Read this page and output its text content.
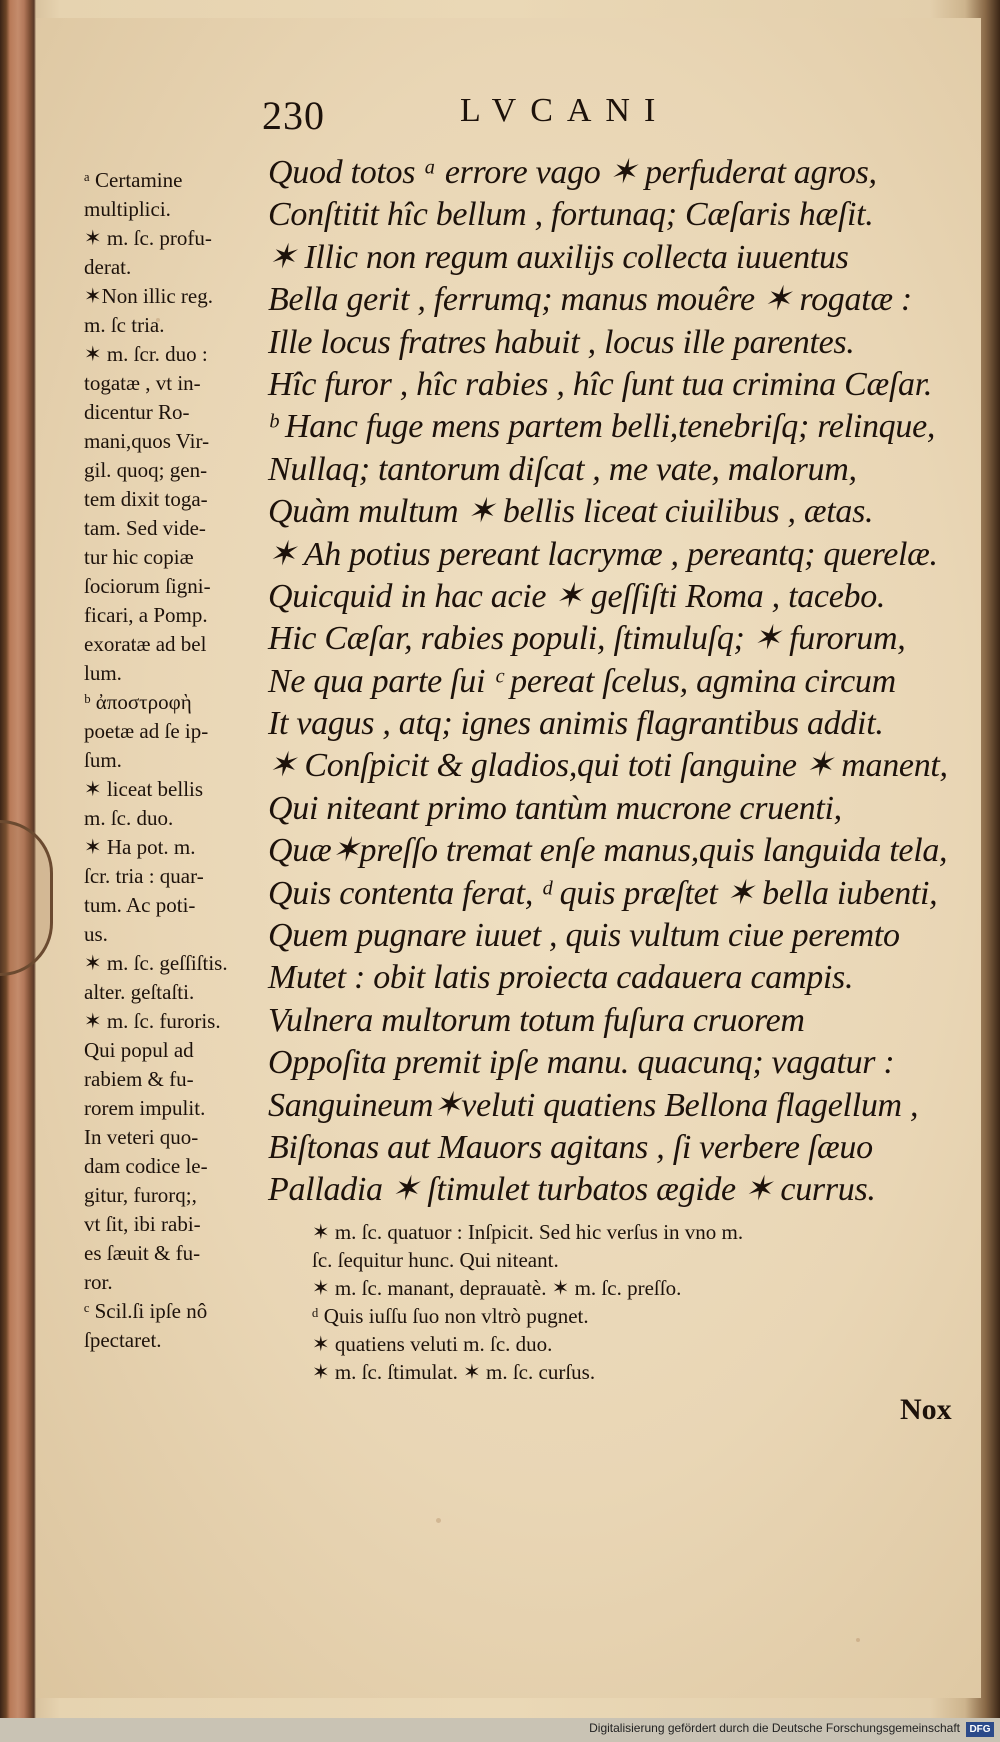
230	LVCANI
ᵃ Certamine
multiplici.
✶ m. ſc. profu-
derat.
✶Non illic reg.
m. ſc tria.
✶ m. ſcr. duo :
togatæ , vt in-
dicentur Ro-
mani,quos Vir-
gil. quoq; gen-
tem dixit toga-
tam. Sed vide-
tur hic copiæ
ſociorum ſigni-
ficari, a Pomp.
exoratæ ad bel
lum.
ᵇ ἀποστροφὴ
poetæ ad ſe ip-
ſum.
✶ liceat bellis
m. ſc. duo.
✶ Ha pot. m.
ſcr. tria : quar-
tum. Ac poti-
us.
✶ m. ſc. geſſiſtis.
alter. geſtaſti.
✶ m. ſc. furoris.
Qui popul ad
rabiem & fu-
rorem impulit.
In veteri quo-
dam codice le-
gitur, furorq;,
vt ſit, ibi rabi-
es ſæuit & fu-
ror.
ᶜ Scil.ſi ipſe nô
ſpectaret.
Quod totos ᵃ errore vago ✶ perfuderat agros,
Conſtitit hîc bellum , fortunaq; Cæſaris hæſit.
✶ Illic non regum auxilijs collecta iuuentus
Bella gerit , ferrumq; manus mouêre ✶ rogatæ :
Ille locus fratres habuit , locus ille parentes.
Hîc furor , hîc rabies , hîc ſunt tua crimina Cæſar.
ᵇ Hanc fuge mens partem belli,tenebriſq; relinque,
Nullaq; tantorum diſcat , me vate, malorum,
Quàm multum ✶ bellis liceat ciuilibus , ætas.
✶ Ah potius pereant lacrymæ , pereantq; querelæ.
Quicquid in hac acie ✶ geſſiſti Roma , tacebo.
Hic Cæſar, rabies populi, ſtimuluſq; ✶ furorum,
Ne qua parte ſui ᶜ pereat ſcelus, agmina circum
It vagus , atq; ignes animis flagrantibus addit.
✶ Conſpicit & gladios,qui toti ſanguine ✶ manent,
Qui niteant primo tantùm mucrone cruenti,
Quæ✶preſſo tremat enſe manus,quis languida tela,
Quis contenta ferat, ᵈ quis præſtet ✶ bella iubenti,
Quem pugnare iuuet , quis vultum ciue peremto
Mutet : obit latis proiecta cadauera campis.
Vulnera multorum totum fuſura cruorem
Oppoſita premit ipſe manu. quacunq; vagatur :
Sanguineum✶veluti quatiens Bellona flagellum ,
Biſtonas aut Mauors agitans , ſi verbere ſæuo
Palladia ✶ ſtimulet turbatos ægide ✶ currus.
✶ m. ſc. quatuor : Inſpicit. Sed hic verſus in vno m.
ſc. ſequitur hunc. Qui niteant.
✶ m. ſc. manant, deprauatè. ✶ m. ſc. preſſo.
ᵈ Quis iuſſu ſuo non vltrò pugnet.
✶ quatiens veluti m. ſc. duo.
✶ m. ſc. ſtimulat. ✶ m. ſc. curſus.
Nox
Digitalisierung gefördert durch die Deutsche Forschungsgemeinschaft DFG
